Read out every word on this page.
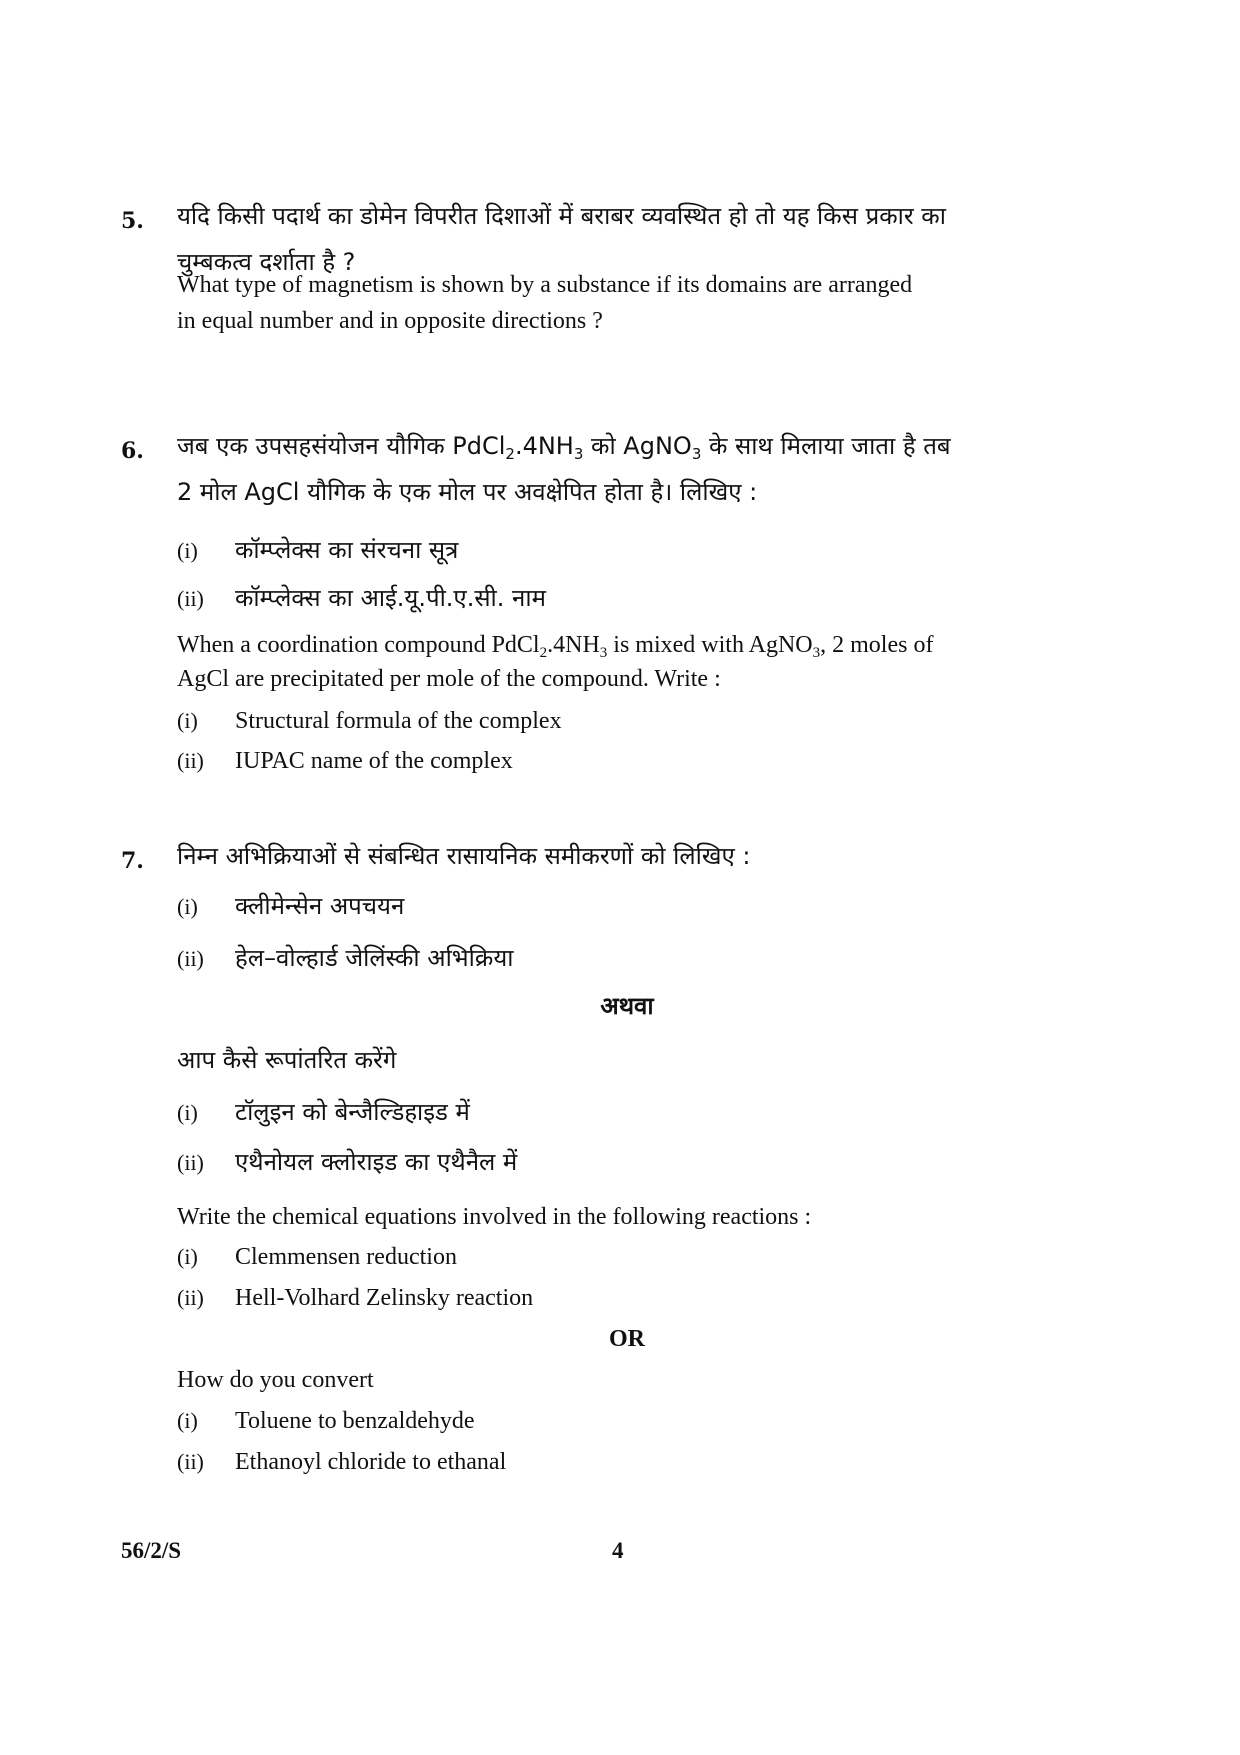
5. यदि किसी पदार्थ का डोमेन विपरीत दिशाओं में बराबर व्यवस्थित हो तो यह किस प्रकार का
चुम्बकत्व दर्शाता है ?
What type of magnetism is shown by a substance if its domains are arranged
in equal number and in opposite directions ?
6. जब एक उपसहसंयोजन यौगिक $PdCl_2.4NH_3$ को AgNO$_3$ के साथ मिलाया जाता है तब
2 मोल AgCl यौगिक के एक मोल पर अवक्षेपित होता है। लिखिए :
(i) कॉम्प्लेक्स का संरचना सूत्र
(ii) कॉम्प्लेक्स का आई.यू.पी.ए.सी. नाम
When a coordination compound $PdCl_2.4NH_3$ is mixed with AgNO$_3$, 2 moles of
AgCl are precipitated per mole of the compound. Write :
(i) Structural formula of the complex
(ii) IUPAC name of the complex
7. निम्न अभिक्रियाओं से संबन्धित रासायनिक समीकरणों को लिखिए :
(i) क्लीमेन्सेन अपचयन
(ii) हेल–वोल्हार्ड जेलिंस्की अभिक्रिया
अथवा
आप कैसे रूपांतरित करेंगे
(i) टॉलुइन को बेन्जैल्डिहाइड में
(ii) एथैनोयल क्लोराइड का एथैनैल में
Write the chemical equations involved in the following reactions :
(i) Clemmensen reduction
(ii) Hell-Volhard Zelinsky reaction
OR
How do you convert
(i) Toluene to benzaldehyde
(ii) Ethanoyl chloride to ethanal
56/2/S	4
